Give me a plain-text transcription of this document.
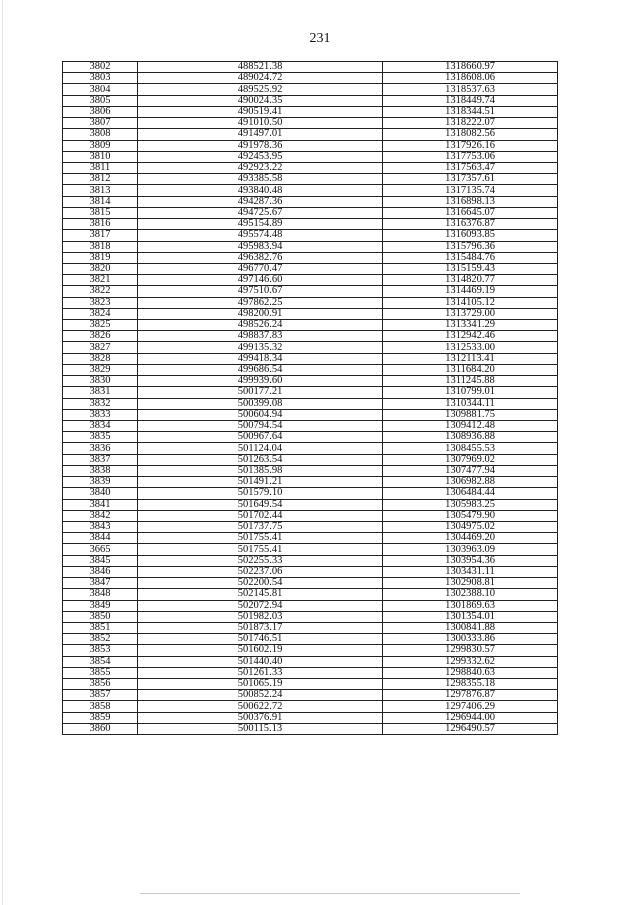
231
3802	488521.38	1318660.97
3803	489024.72	1318608.06
3804	489525.92	1318537.63
3805	490024.35	1318449.74
3806	490519.41	1318344.51
3807	491010.50	1318222.07
3808	491497.01	1318082.56
3809	491978.36	1317926.16
3810	492453.95	1317753.06
3811	492923.22	1317563.47
3812	493385.58	1317357.61
3813	493840.48	1317135.74
3814	494287.36	1316898.13
3815	494725.67	1316645.07
3816	495154.89	1316376.87
3817	495574.48	1316093.85
3818	495983.94	1315796.36
3819	496382.76	1315484.76
3820	496770.47	1315159.43
3821	497146.60	1314820.77
3822	497510.67	1314469.19
3823	497862.25	1314105.12
3824	498200.91	1313729.00
3825	498526.24	1313341.29
3826	498837.83	1312942.46
3827	499135.32	1312533.00
3828	499418.34	1312113.41
3829	499686.54	1311684.20
3830	499939.60	1311245.88
3831	500177.21	1310799.01
3832	500399.08	1310344.11
3833	500604.94	1309881.75
3834	500794.54	1309412.48
3835	500967.64	1308936.88
3836	501124.04	1308455.53
3837	501263.54	1307969.02
3838	501385.98	1307477.94
3839	501491.21	1306982.88
3840	501579.10	1306484.44
3841	501649.54	1305983.25
3842	501702.44	1305479.90
3843	501737.75	1304975.02
3844	501755.41	1304469.20
3665	501755.41	1303963.09
3845	502255.33	1303954.36
3846	502237.06	1303431.11
3847	502200.54	1302908.81
3848	502145.81	1302388.10
3849	502072.94	1301869.63
3850	501982.03	1301354.01
3851	501873.17	1300841.88
3852	501746.51	1300333.86
3853	501602.19	1299830.57
3854	501440.40	1299332.62
3855	501261.33	1298840.63
3856	501065.19	1298355.18
3857	500852.24	1297876.87
3858	500622.72	1297406.29
3859	500376.91	1296944.00
3860	500115.13	1296490.57
